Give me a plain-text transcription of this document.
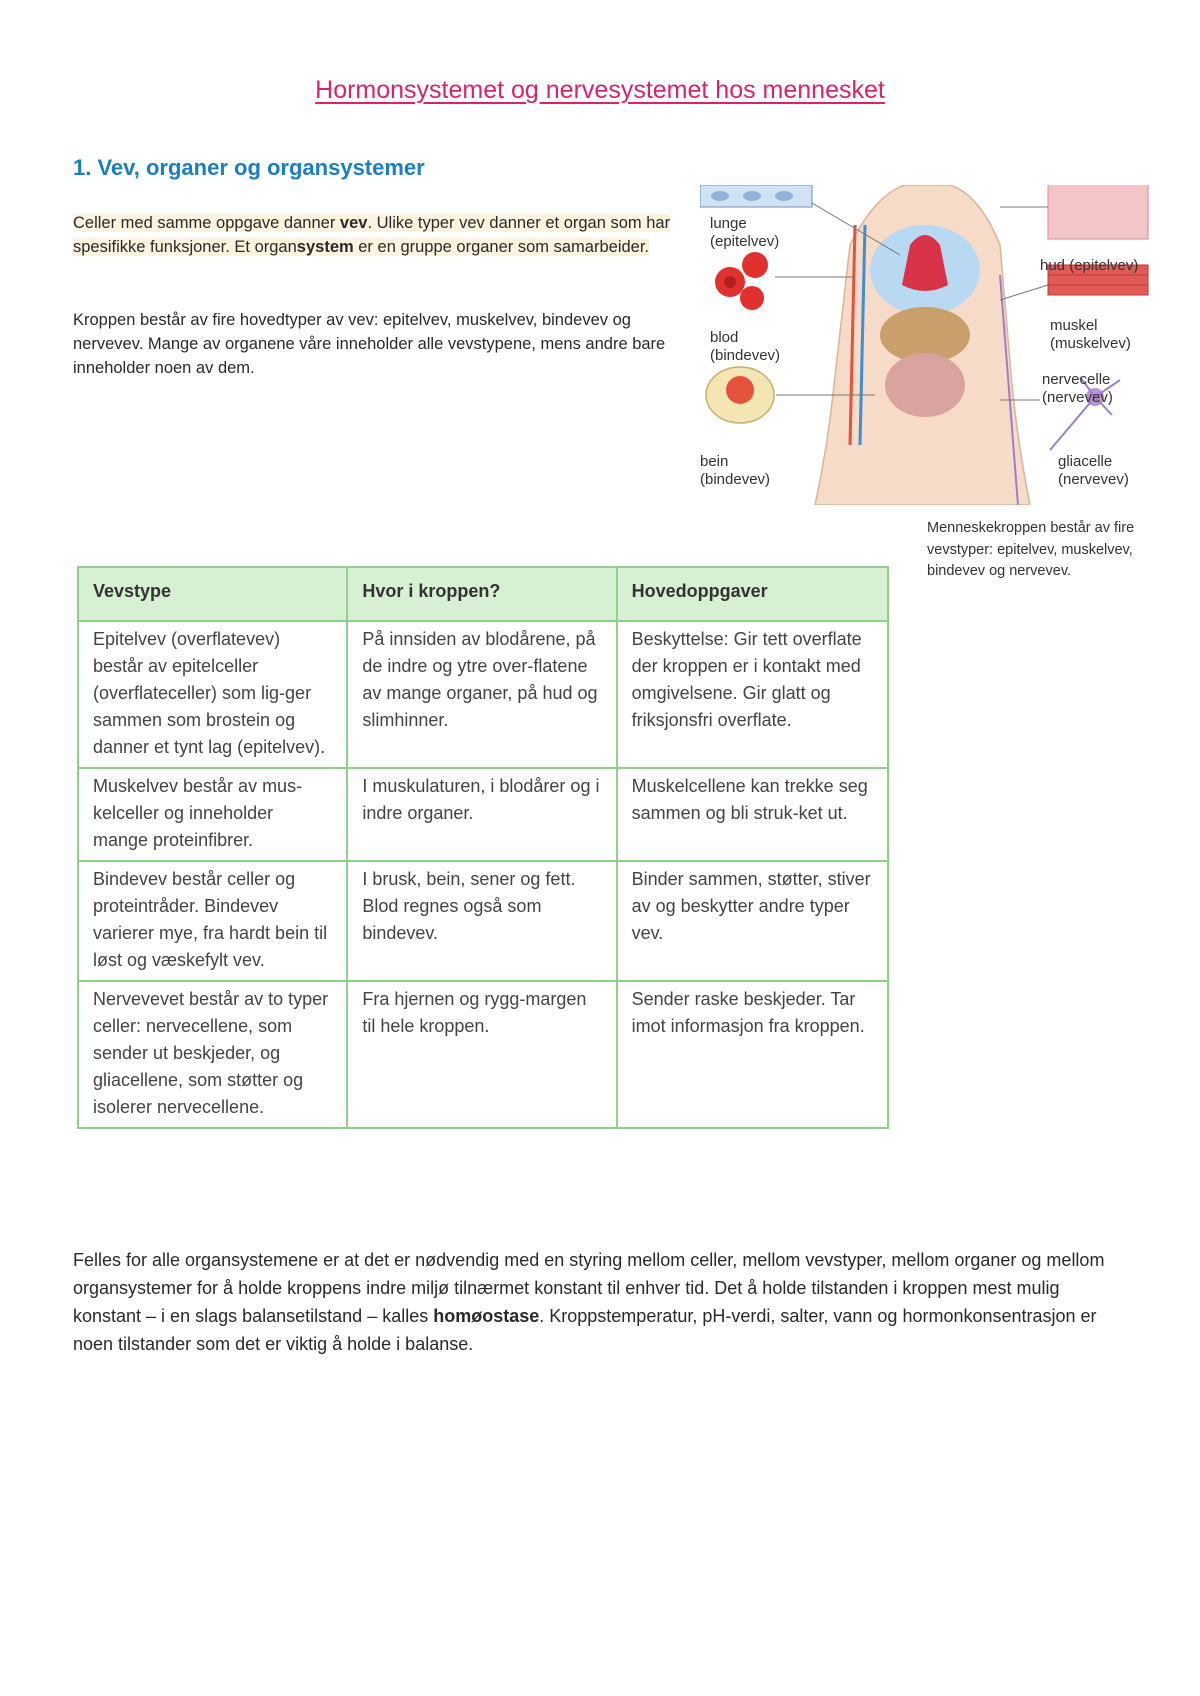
Hormonsystemet og nervesystemet hos mennesket
1. Vev, organer og organsystemer
Celler med samme oppgave danner vev. Ulike typer vev danner et organ som har spesifikke funksjoner. Et organsystem er en gruppe organer som samarbeider.
Kroppen består av fire hovedtyper av vev: epitelvev, muskelvev, bindevev og nervevev. Mange av organene våre inneholder alle vevstypene, mens andre bare inneholder noen av dem.
lunge
(epitelvev)
blod
(bindevev)
bein
(bindevev)
hud (epitelvev)
muskel
(muskelvev)
nervecelle
(nervevev)
gliacelle
(nervevev)
Menneskekroppen består av fire vevstyper: epitelvev, muskelvev, bindevev og nervevev.
Vevstype	Hvor i kroppen?	Hovedoppgaver
Epitelvev (overflatevev) består av epitelceller (overflateceller) som lig-ger sammen som brostein og danner et tynt lag (epitelvev).	På innsiden av blodårene, på de indre og ytre over-flatene av mange organer, på hud og slimhinner.	Beskyttelse: Gir tett overflate der kroppen er i kontakt med omgivelsene. Gir glatt og friksjonsfri overflate.
Muskelvev består av mus-kelceller og inneholder mange proteinfibrer.	I muskulaturen, i blodårer og i indre organer.	Muskelcellene kan trekke seg sammen og bli struk-ket ut.
Bindevev består celler og proteintråder. Bindevev varierer mye, fra hardt bein til løst og væskefylt vev.	I brusk, bein, sener og fett. Blod regnes også som bindevev.	Binder sammen, støtter, stiver av og beskytter andre typer vev.
Nervevevet består av to typer celler: nervecellene, som sender ut beskjeder, og gliacellene, som støtter og isolerer nervecellene.	Fra hjernen og rygg-margen til hele kroppen.	Sender raske beskjeder. Tar imot informasjon fra kroppen.
Felles for alle organsystemene er at det er nødvendig med en styring mellom celler, mellom vevstyper, mellom organer og mellom organsystemer for å holde kroppens indre miljø tilnærmet konstant til enhver tid. Det å holde tilstanden i kroppen mest mulig konstant – i en slags balansetilstand – kalles homøostase. Kroppstemperatur, pH-verdi, salter, vann og hormonkonsentrasjon er noen tilstander som det er viktig å holde i balanse.
